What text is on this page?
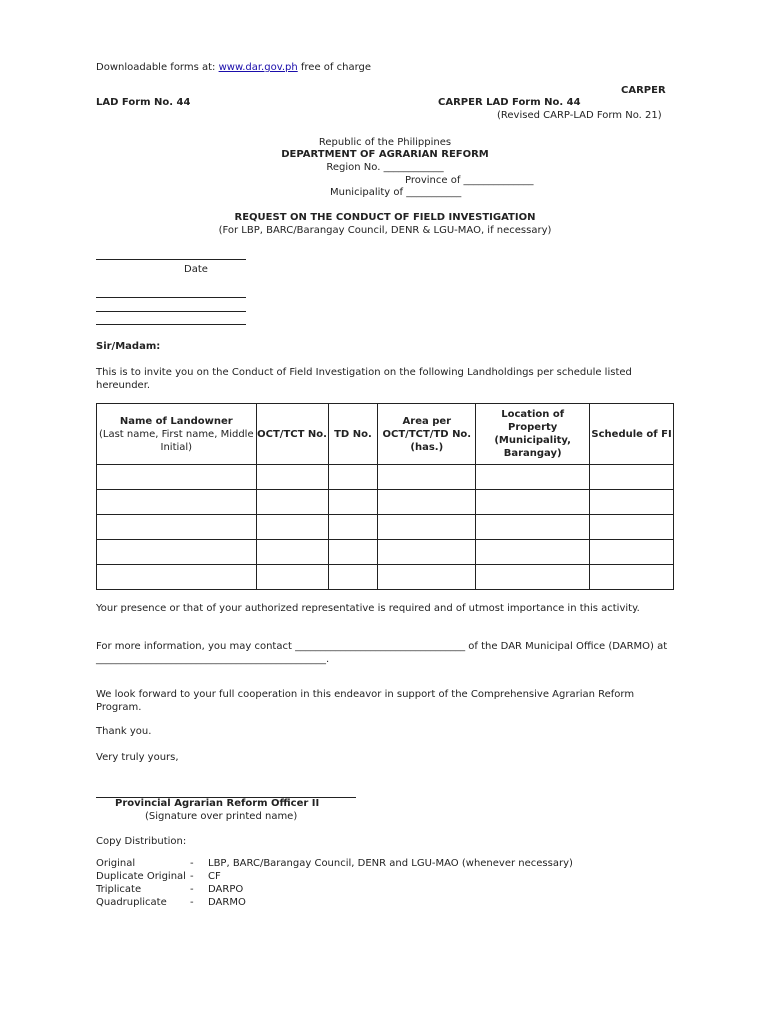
Downloadable forms at: www.dar.gov.ph free of charge
CARPER
LAD Form No. 44	CARPER LAD Form No. 44
(Revised CARP-LAD Form No. 21)
Republic of the Philippines
DEPARTMENT OF AGRARIAN REFORM
Region No. ____________
Province of ______________
Municipality of ___________
REQUEST ON THE CONDUCT OF FIELD INVESTIGATION
(For LBP, BARC/Barangay Council, DENR & LGU-MAO, if necessary)
Date
Sir/Madam:
This is to invite you on the Conduct of Field Investigation on the following Landholdings per schedule listed hereunder.
Name of Landowner
(Last name, First name, Middle Initial)	OCT/TCT No.	TD No.	Area per OCT/TCT/TD No. (has.)	Location of Property (Municipality, Barangay)	Schedule of FI

Your presence or that of your authorized representative is required and of utmost importance in this activity.
For more information, you may contact __________________________________ of the DAR Municipal Office (DARMO) at ______________________________________________.
We look forward to your full cooperation in this endeavor in support of the Comprehensive Agrarian Reform Program.
Thank you.
Very truly yours,
Provincial Agrarian Reform Officer II
(Signature over printed name)
Copy Distribution:
Original	- LBP, BARC/Barangay Council, DENR and LGU-MAO (whenever necessary)
Duplicate Original - CF
Triplicate	- DARPO
Quadruplicate - DARMO
